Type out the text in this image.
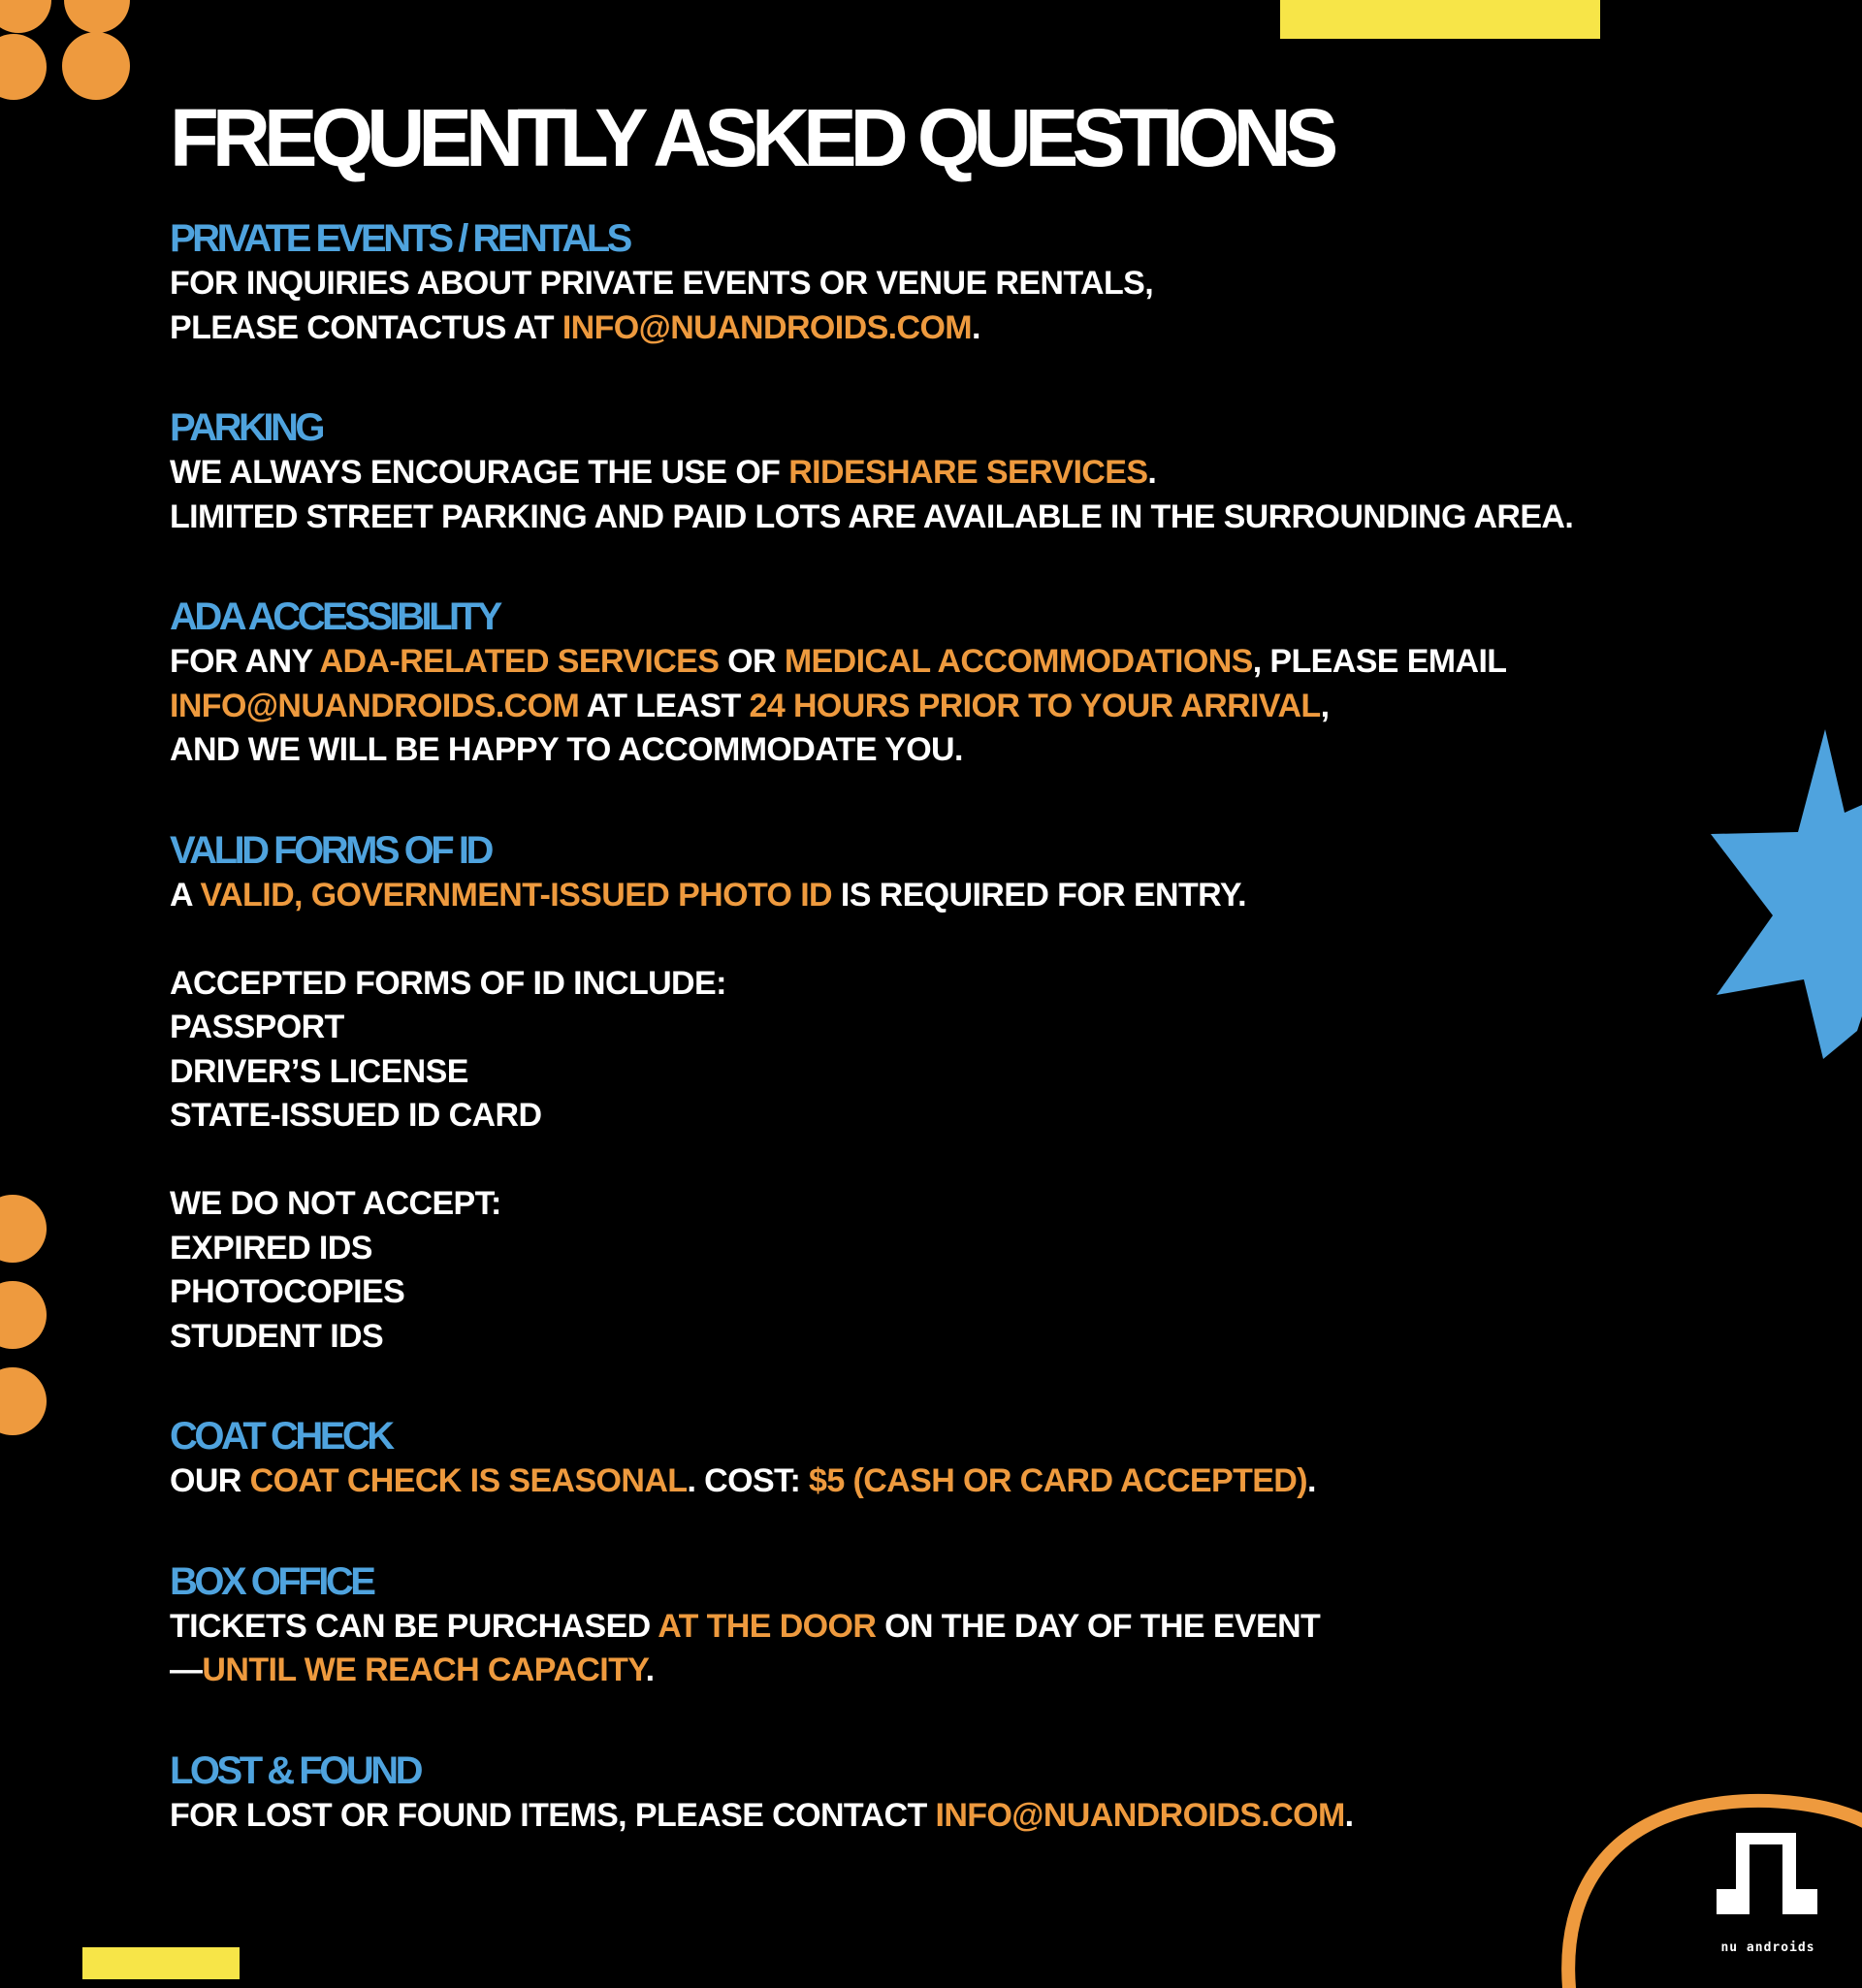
FREQUENTLY ASKED QUESTIONS
PRIVATE EVENTS / RENTALS

FOR INQUIRIES ABOUT PRIVATE EVENTS OR VENUE RENTALS,

PLEASE CONTACTUS AT INFO@NUANDROIDS.COM.

PARKING

WE ALWAYS ENCOURAGE THE USE OF RIDESHARE SERVICES.

LIMITED STREET PARKING AND PAID LOTS ARE AVAILABLE IN THE SURROUNDING AREA.

ADA ACCESSIBILITY

FOR ANY ADA-RELATED SERVICES OR MEDICAL ACCOMMODATIONS, PLEASE EMAIL

INFO@NUANDROIDS.COM AT LEAST 24 HOURS PRIOR TO YOUR ARRIVAL,

AND WE WILL BE HAPPY TO ACCOMMODATE YOU.

VALID FORMS OF ID

A VALID, GOVERNMENT-ISSUED PHOTO ID IS REQUIRED FOR ENTRY.

ACCEPTED FORMS OF ID INCLUDE:

PASSPORT

DRIVER’S LICENSE

STATE-ISSUED ID CARD

WE DO NOT ACCEPT:

EXPIRED IDS

PHOTOCOPIES

STUDENT IDS

COAT CHECK

OUR COAT CHECK IS SEASONAL. COST: $5 (CASH OR CARD ACCEPTED).

BOX OFFICE

TICKETS CAN BE PURCHASED AT THE DOOR ON THE DAY OF THE EVENT

—UNTIL WE REACH CAPACITY.

LOST & FOUND

FOR LOST OR FOUND ITEMS, PLEASE CONTACT INFO@NUANDROIDS.COM.

nu androids
